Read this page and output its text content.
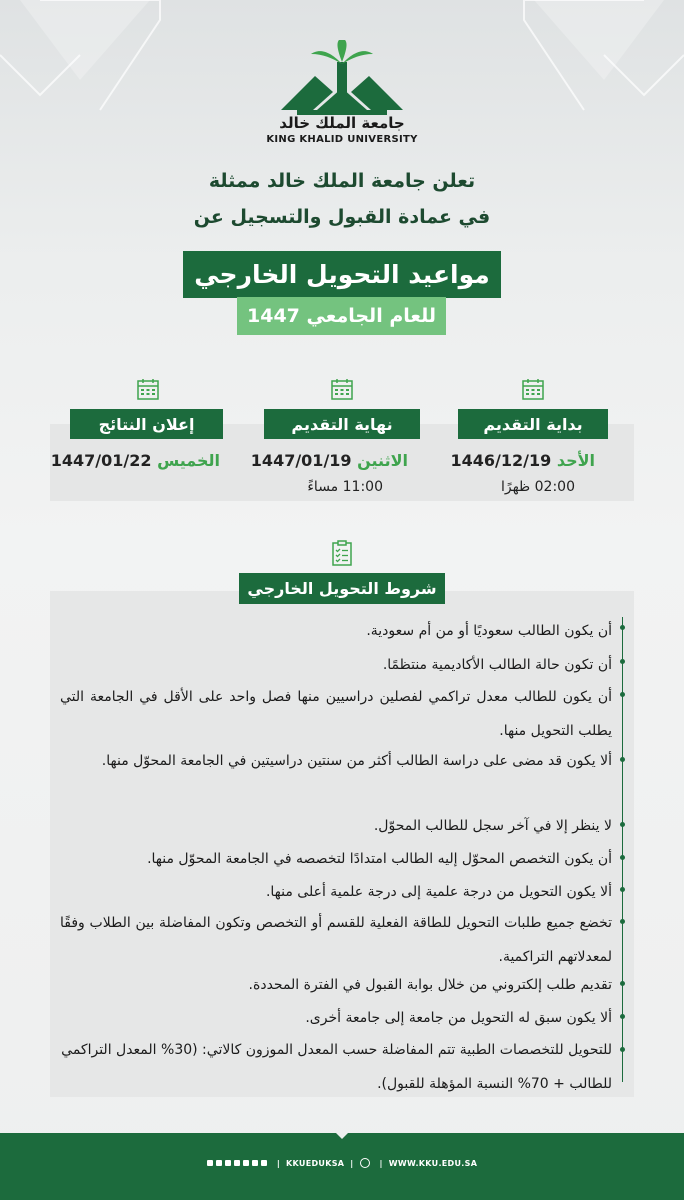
جامعة الملك خالد
KING KHALID UNIVERSITY
تعلن جامعة الملك خالد ممثلة
في عمادة القبول والتسجيل عن
مواعيد التحويل الخارجي
للعام الجامعي 1447
بداية التقديم
الأحد 1446/12/19
02:00 ظهرًا
نهاية التقديم
الاثنين 1447/01/19
11:00 مساءً
إعلان النتائج
الخميس 1447/01/22
شروط التحويل الخارجي
أن يكون الطالب سعوديًا أو من أم سعودية.
أن تكون حالة الطالب الأكاديمية منتظمًا.
أن يكون للطالب معدل تراكمي لفصلين دراسيين منها فصل واحد على الأقل في الجامعة التي يطلب التحويل منها.
ألا يكون قد مضى على دراسة الطالب أكثر من سنتين دراسيتين في الجامعة المحوّل منها.
لا ينظر إلا في آخر سجل للطالب المحوّل.
أن يكون التخصص المحوّل إليه الطالب امتدادًا لتخصصه في الجامعة المحوّل منها.
ألا يكون التحويل من درجة علمية إلى درجة علمية أعلى منها.
تخضع جميع طلبات التحويل للطاقة الفعلية للقسم أو التخصص وتكون المفاضلة بين الطلاب وفقًا لمعدلاتهم التراكمية.
تقديم طلب إلكتروني من خلال بوابة القبول في الفترة المحددة.
ألا يكون سبق له التحويل من جامعة إلى جامعة أخرى.
للتحويل للتخصصات الطبية تتم المفاضلة حسب المعدل الموزون كالاتي: (30% المعدل التراكمي للطالب + 70% النسبة المؤهلة للقبول).
| KKUEDUKSA |	| WWW.KKU.EDU.SA
